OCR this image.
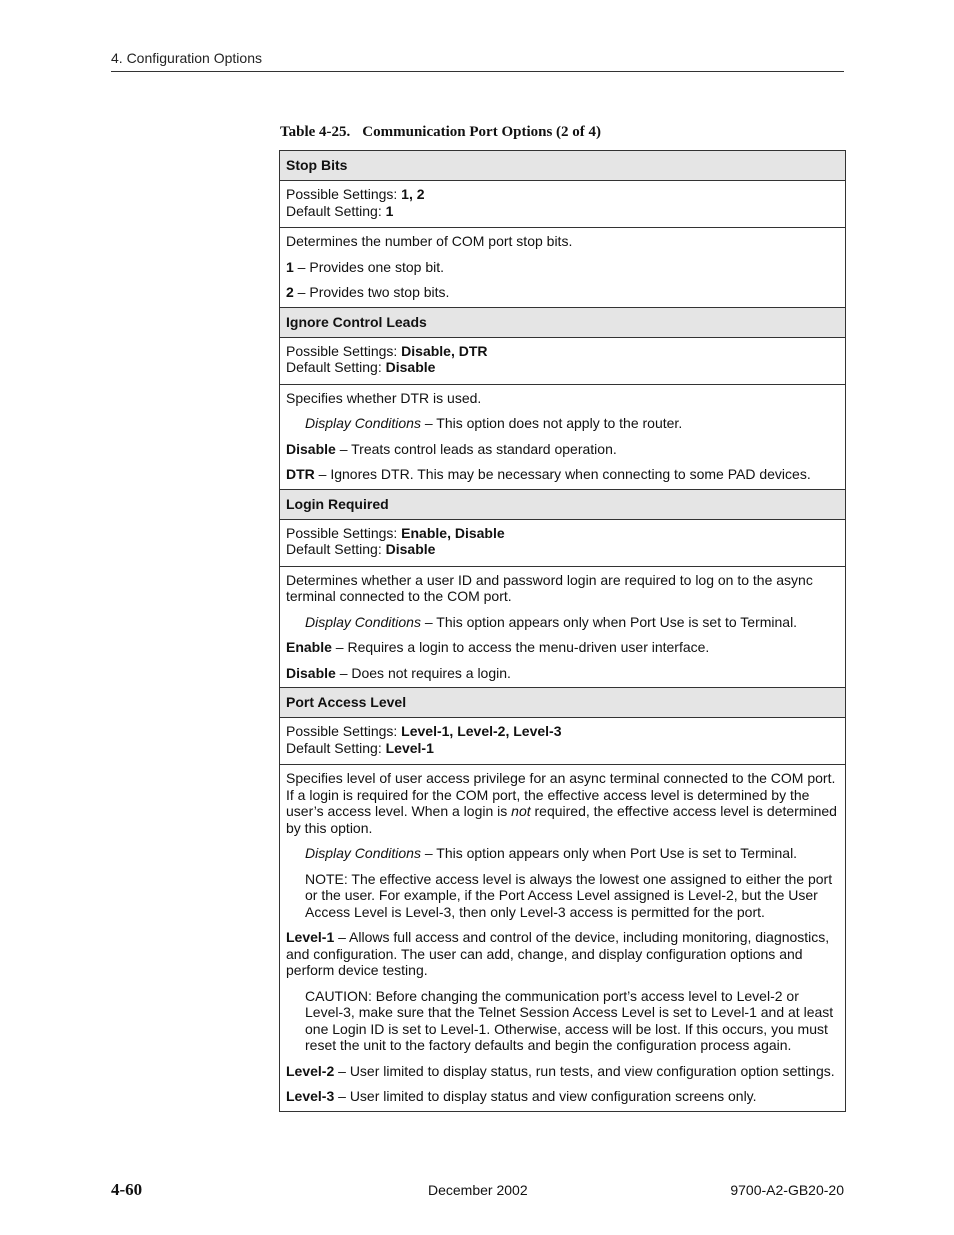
4. Configuration Options
Table 4-25. Communication Port Options (2 of 4)
Stop Bits
Possible Settings: 1, 2
Default Setting: 1

Determines the number of COM port stop bits.
1 – Provides one stop bit.
2 – Provides two stop bits.

Ignore Control Leads
Possible Settings: Disable, DTR
Default Setting: Disable

Specifies whether DTR is used.
Display Conditions – This option does not apply to the router.
Disable – Treats control leads as standard operation.
DTR – Ignores DTR. This may be necessary when connecting to some PAD devices.

Login Required
Possible Settings: Enable, Disable
Default Setting: Disable

Determines whether a user ID and password login are required to log on to the async terminal connected to the COM port.
Display Conditions – This option appears only when Port Use is set to Terminal.
Enable – Requires a login to access the menu-driven user interface.
Disable – Does not requires a login.

Port Access Level
Possible Settings: Level-1, Level-2, Level-3
Default Setting: Level-1

Specifies level of user access privilege for an async terminal connected to the COM port. If a login is required for the COM port, the effective access level is determined by the user’s access level. When a login is not required, the effective access level is determined by this option.
Display Conditions – This option appears only when Port Use is set to Terminal.
NOTE: The effective access level is always the lowest one assigned to either the port or the user. For example, if the Port Access Level assigned is Level-2, but the User Access Level is Level-3, then only Level-3 access is permitted for the port.
Level-1 – Allows full access and control of the device, including monitoring, diagnostics, and configuration. The user can add, change, and display configuration options and perform device testing.
CAUTION: Before changing the communication port’s access level to Level-2 or Level-3, make sure that the Telnet Session Access Level is set to Level-1 and at least one Login ID is set to Level-1. Otherwise, access will be lost. If this occurs, you must reset the unit to the factory defaults and begin the configuration process again.
Level-2 – User limited to display status, run tests, and view configuration option settings.
Level-3 – User limited to display status and view configuration screens only.
4-60	December 2002	9700-A2-GB20-20
